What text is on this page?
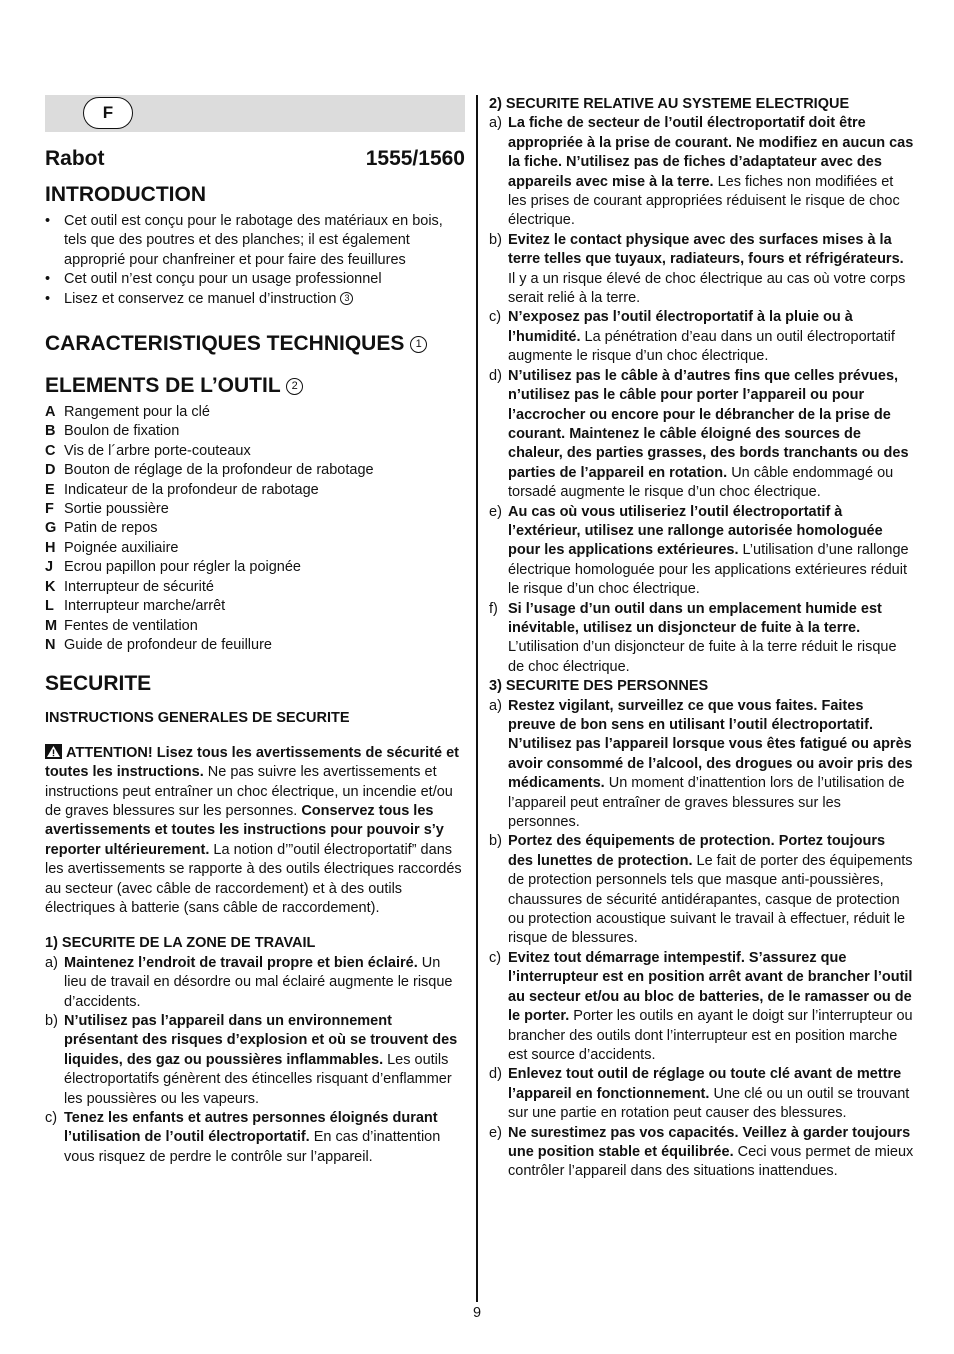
F
Rabot	1555/1560
INTRODUCTION
• Cet outil est conçu pour le rabotage des matériaux en bois, tels que des poutres et des planches; il est également approprié pour chanfreiner et pour faire des feuillures
• Cet outil n’est conçu pour un usage professionnel
• Lisez et conservez ce manuel d’instruction 3
CARACTERISTIQUES TECHNIQUES 1
ELEMENTS DE L’OUTIL 2
A Rangement pour la clé
B Boulon de fixation
C Vis de l´arbre porte-couteaux
D Bouton de réglage de la profondeur de rabotage
E Indicateur de la profondeur de rabotage
F Sortie poussière
G Patin de repos
H Poignée auxiliaire
J Ecrou papillon pour régler la poignée
K Interrupteur de sécurité
L Interrupteur marche/arrêt
M Fentes de ventilation
N Guide de profondeur de feuillure
SECURITE
INSTRUCTIONS GENERALES DE SECURITE
ATTENTION! Lisez tous les avertissements de sécurité et toutes les instructions. Ne pas suivre les avertissements et instructions peut entraîner un choc électrique, un incendie et/ou de graves blessures sur les personnes. Conservez tous les avertissements et toutes les instructions pour pouvoir s’y reporter ultérieurement. La notion d’”outil électroportatif” dans les avertissements se rapporte à des outils électriques raccordés au secteur (avec câble de raccordement) et à des outils électriques à batterie (sans câble de raccordement).
1) SECURITE DE LA ZONE DE TRAVAIL
a) Maintenez l’endroit de travail propre et bien éclairé. Un lieu de travail en désordre ou mal éclairé augmente le risque d’accidents.
b) N’utilisez pas l’appareil dans un environnement présentant des risques d’explosion et où se trouvent des liquides, des gaz ou poussières inflammables. Les outils électroportatifs génèrent des étincelles risquant d’enflammer les poussières ou les vapeurs.
c) Tenez les enfants et autres personnes éloignés durant l’utilisation de l’outil électroportatif. En cas d’inattention vous risquez de perdre le contrôle sur l’appareil.
2) SECURITE RELATIVE AU SYSTEME ELECTRIQUE
a) La fiche de secteur de l’outil électroportatif doit être appropriée à la prise de courant. Ne modifiez en aucun cas la fiche. N’utilisez pas de fiches d’adaptateur avec des appareils avec mise à la terre. Les fiches non modifiées et les prises de courant appropriées réduisent le risque de choc électrique.
b) Evitez le contact physique avec des surfaces mises à la terre telles que tuyaux, radiateurs, fours et réfrigérateurs. Il y a un risque élevé de choc électrique au cas où votre corps serait relié à la terre.
c) N’exposez pas l’outil électroportatif à la pluie ou à l’humidité. La pénétration d’eau dans un outil électroportatif augmente le risque d’un choc électrique.
d) N’utilisez pas le câble à d’autres fins que celles prévues, n’utilisez pas le câble pour porter l’appareil ou pour l’accrocher ou encore pour le débrancher de la prise de courant. Maintenez le câble éloigné des sources de chaleur, des parties grasses, des bords tranchants ou des parties de l’appareil en rotation. Un câble endommagé ou torsadé augmente le risque d’un choc électrique.
e) Au cas où vous utiliseriez l’outil électroportatif à l’extérieur, utilisez une rallonge autorisée homologuée pour les applications extérieures. L’utilisation d’une rallonge électrique homologuée pour les applications extérieures réduit le risque d’un choc électrique.
f) Si l’usage d’un outil dans un emplacement humide est inévitable, utilisez un disjoncteur de fuite à la terre. L’utilisation d’un disjoncteur de fuite à la terre réduit le risque de choc électrique.
3) SECURITE DES PERSONNES
a) Restez vigilant, surveillez ce que vous faites. Faites preuve de bon sens en utilisant l’outil électroportatif. N’utilisez pas l’appareil lorsque vous êtes fatigué ou après avoir consommé de l’alcool, des drogues ou avoir pris des médicaments. Un moment d’inattention lors de l’utilisation de l’appareil peut entraîner de graves blessures sur les personnes.
b) Portez des équipements de protection. Portez toujours des lunettes de protection. Le fait de porter des équipements de protection personnels tels que masque anti-poussières, chaussures de sécurité antidérapantes, casque de protection ou protection acoustique suivant le travail à effectuer, réduit le risque de blessures.
c) Evitez tout démarrage intempestif. S’assurez que l’interrupteur est en position arrêt avant de brancher l’outil au secteur et/ou au bloc de batteries, de le ramasser ou de le porter. Porter les outils en ayant le doigt sur l’interrupteur ou brancher des outils dont l’interrupteur est en position marche est source d’accidents.
d) Enlevez tout outil de réglage ou toute clé avant de mettre l’appareil en fonctionnement. Une clé ou un outil se trouvant sur une partie en rotation peut causer des blessures.
e) Ne surestimez pas vos capacités. Veillez à garder toujours une position stable et équilibrée. Ceci vous permet de mieux contrôler l’appareil dans des situations inattendues.
9
